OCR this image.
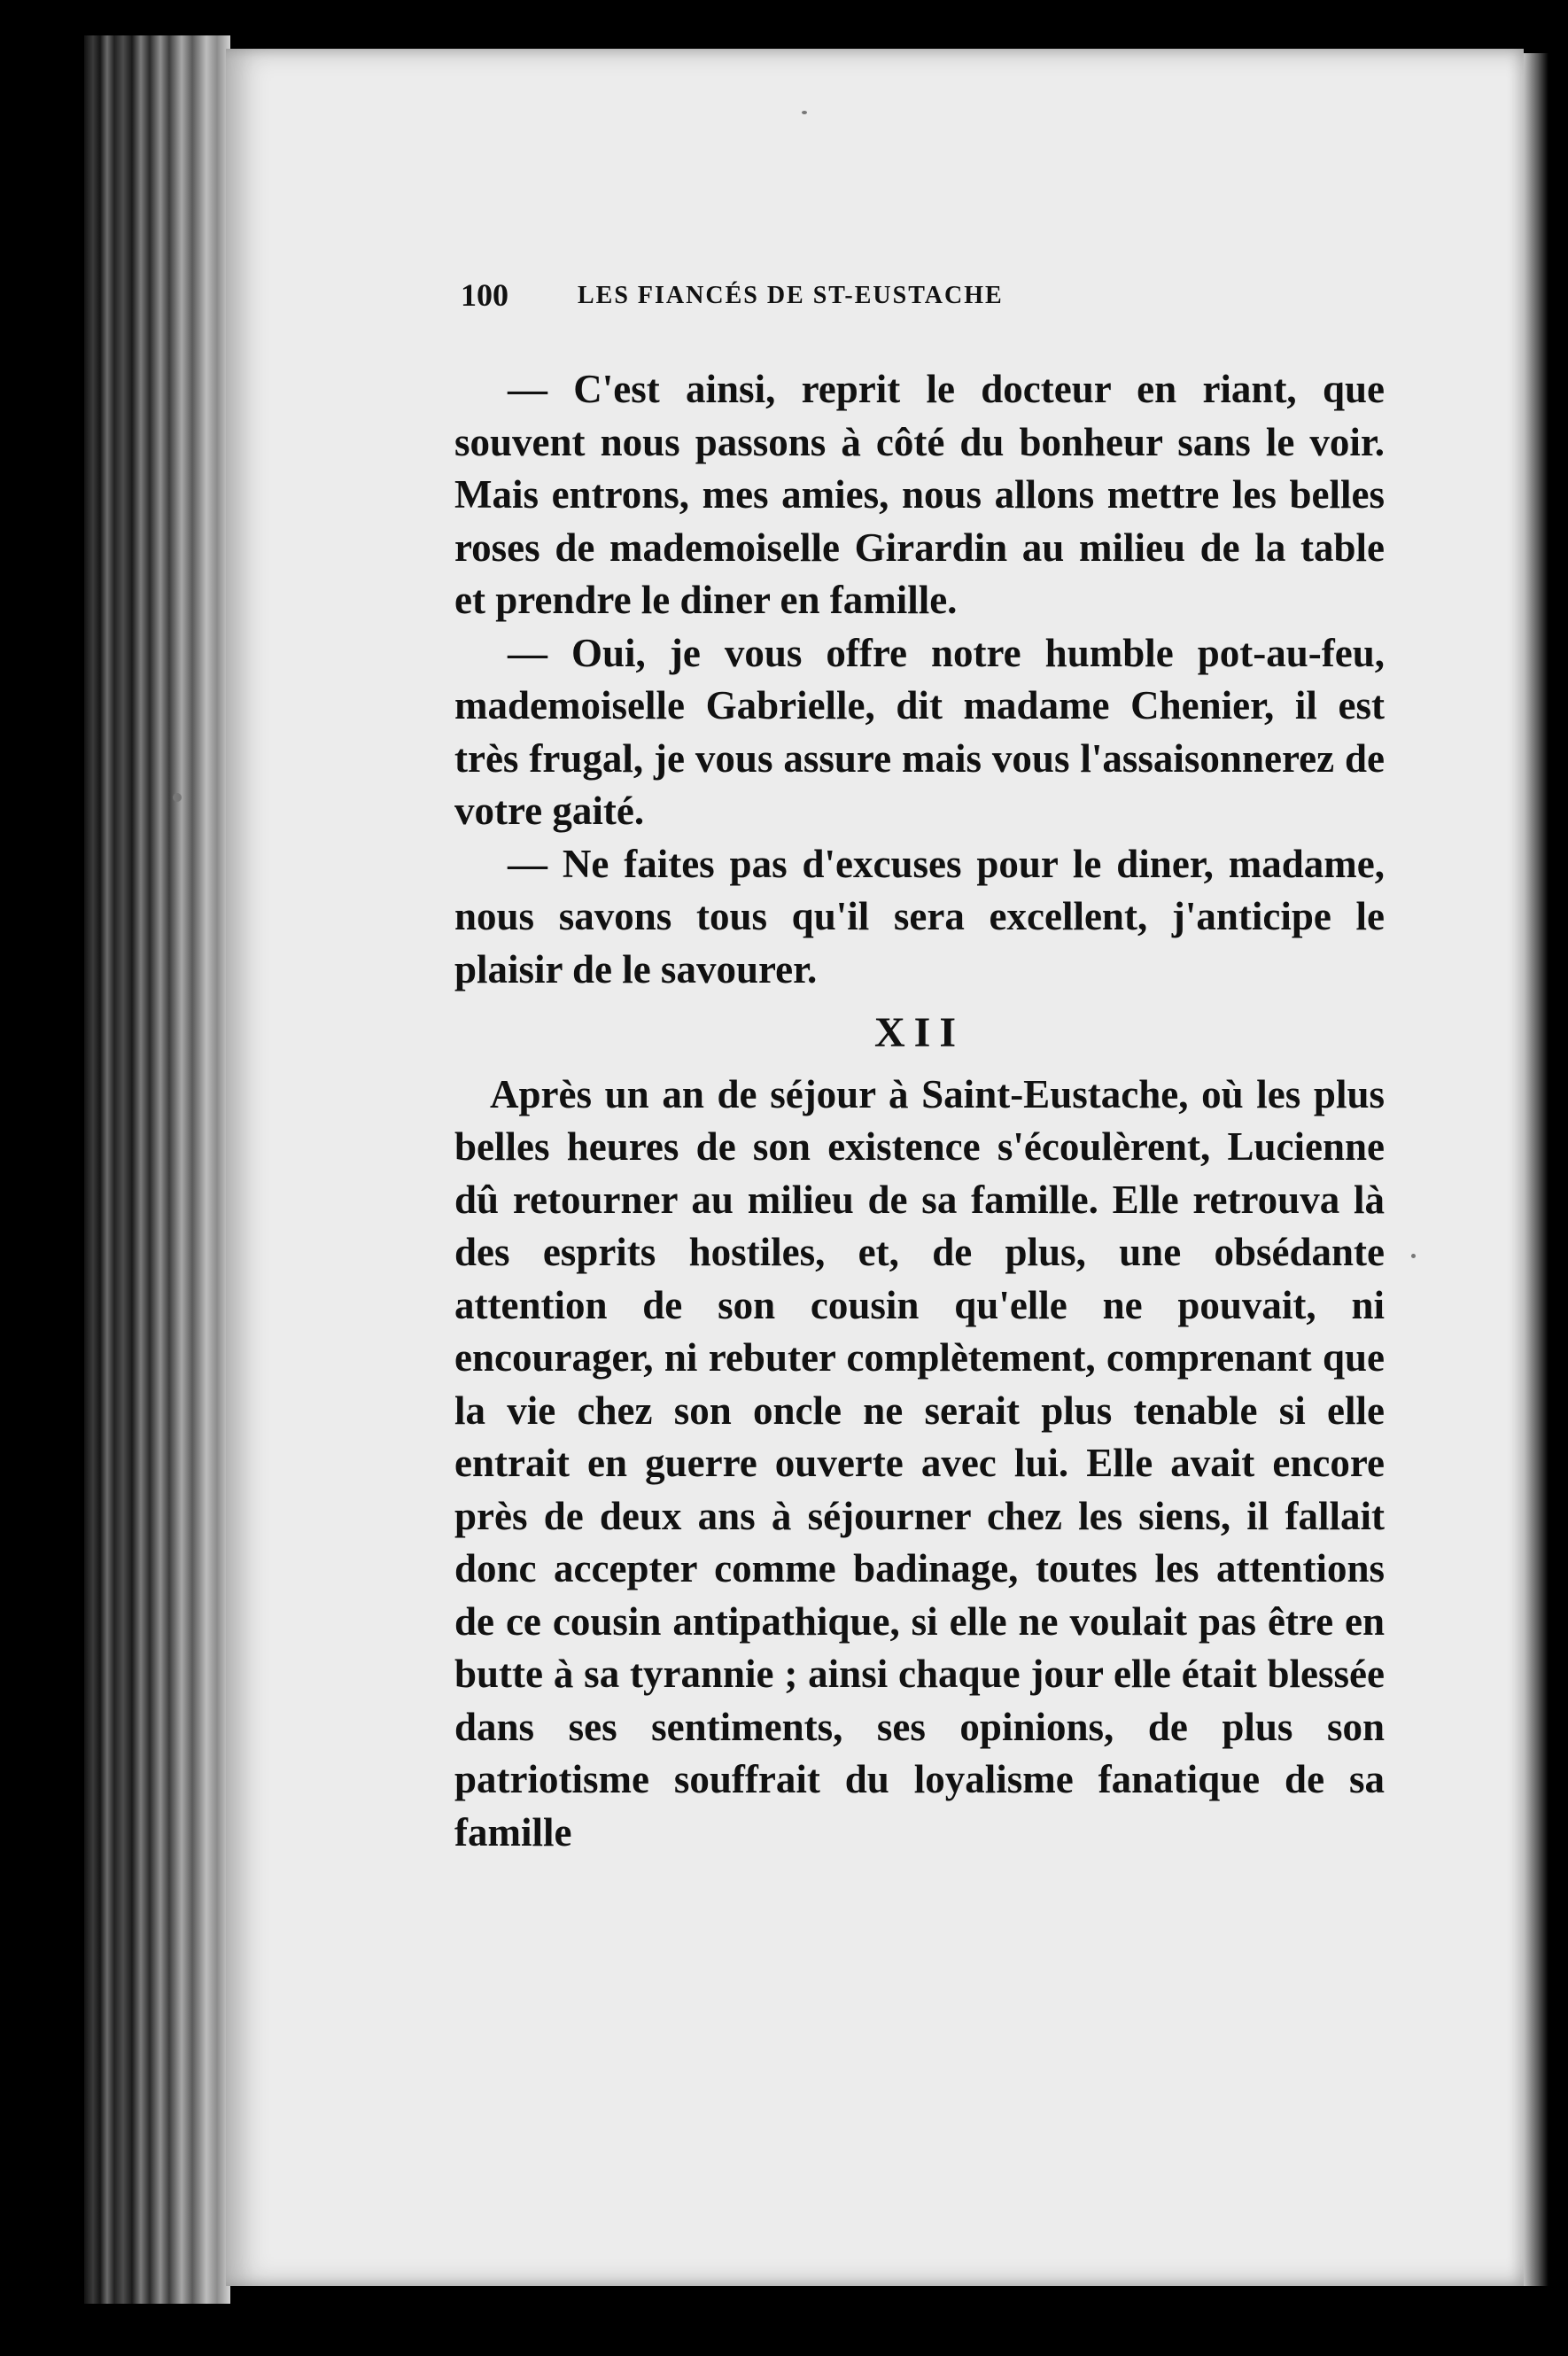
100	LES FIANCÉS DE ST-EUSTACHE

— C'est ainsi, reprit le docteur en riant, que souvent nous passons à côté du bonheur sans le voir. Mais entrons, mes amies, nous allons mettre les belles roses de mademoiselle Girardin au milieu de la table et prendre le diner en famille.

— Oui, je vous offre notre humble pot-au-feu, mademoiselle Gabrielle, dit madame Chenier, il est très frugal, je vous assure mais vous l'assaisonnerez de votre gaité.

— Ne faites pas d'excuses pour le diner, madame, nous savons tous qu'il sera excellent, j'anticipe le plaisir de le savourer.

XII

Après un an de séjour à Saint-Eustache, où les plus belles heures de son existence s'écoulèrent, Lucienne dû retourner au milieu de sa famille. Elle retrouva là des esprits hostiles, et, de plus, une obsédante attention de son cousin qu'elle ne pouvait, ni encourager, ni rebuter complètement, comprenant que la vie chez son oncle ne serait plus tenable si elle entrait en guerre ouverte avec lui. Elle avait encore près de deux ans à séjourner chez les siens, il fallait donc accepter comme badinage, toutes les attentions de ce cousin antipathique, si elle ne voulait pas être en butte à sa tyrannie ; ainsi chaque jour elle était blessée dans ses sentiments, ses opinions, de plus son patriotisme souffrait du loyalisme fanatique de sa famille
